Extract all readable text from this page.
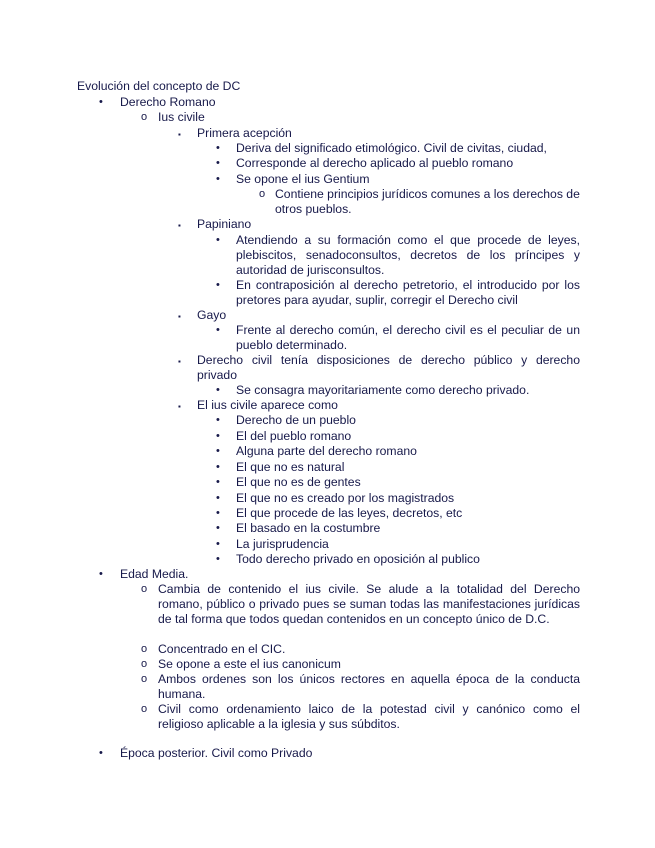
Evolución del concepto de DC
• Derecho Romano
o Ius civile
▪ Primera acepción
• Deriva del significado etimológico. Civil de civitas, ciudad,
• Corresponde al derecho aplicado al pueblo romano
• Se opone el ius Gentium
o Contiene principios jurídicos comunes a los derechos de otros pueblos.
▪ Papiniano
• Atendiendo a su formación como el que procede de leyes, plebiscitos, senadoconsultos, decretos de los príncipes y autoridad de jurisconsultos.
• En contraposición al derecho petretorio, el introducido por los pretores para ayudar, suplir, corregir el Derecho civil
▪ Gayo
• Frente al derecho común, el derecho civil es el peculiar de un pueblo determinado.
▪ Derecho civil tenía disposiciones de derecho público y derecho privado
• Se consagra mayoritariamente como derecho privado.
▪ El ius civile aparece como
• Derecho de un pueblo
• El del pueblo romano
• Alguna parte del derecho romano
• El que no es natural
• El que no es de gentes
• El que no es creado por los magistrados
• El que procede de las leyes, decretos, etc
• El basado en la costumbre
• La jurisprudencia
• Todo derecho privado en oposición al publico
• Edad Media.
o Cambia de contenido el ius civile. Se alude a la totalidad del Derecho romano, público o privado pues se suman todas las manifestaciones jurídicas de tal forma que todos quedan contenidos en un concepto único de D.C.
o Concentrado en el CIC.
o Se opone a este el ius canonicum
o Ambos ordenes son los únicos rectores en aquella época de la conducta humana.
o Civil como ordenamiento laico de la potestad civil y canónico como el religioso aplicable a la iglesia y sus súbditos.
• Época posterior. Civil como Privado
